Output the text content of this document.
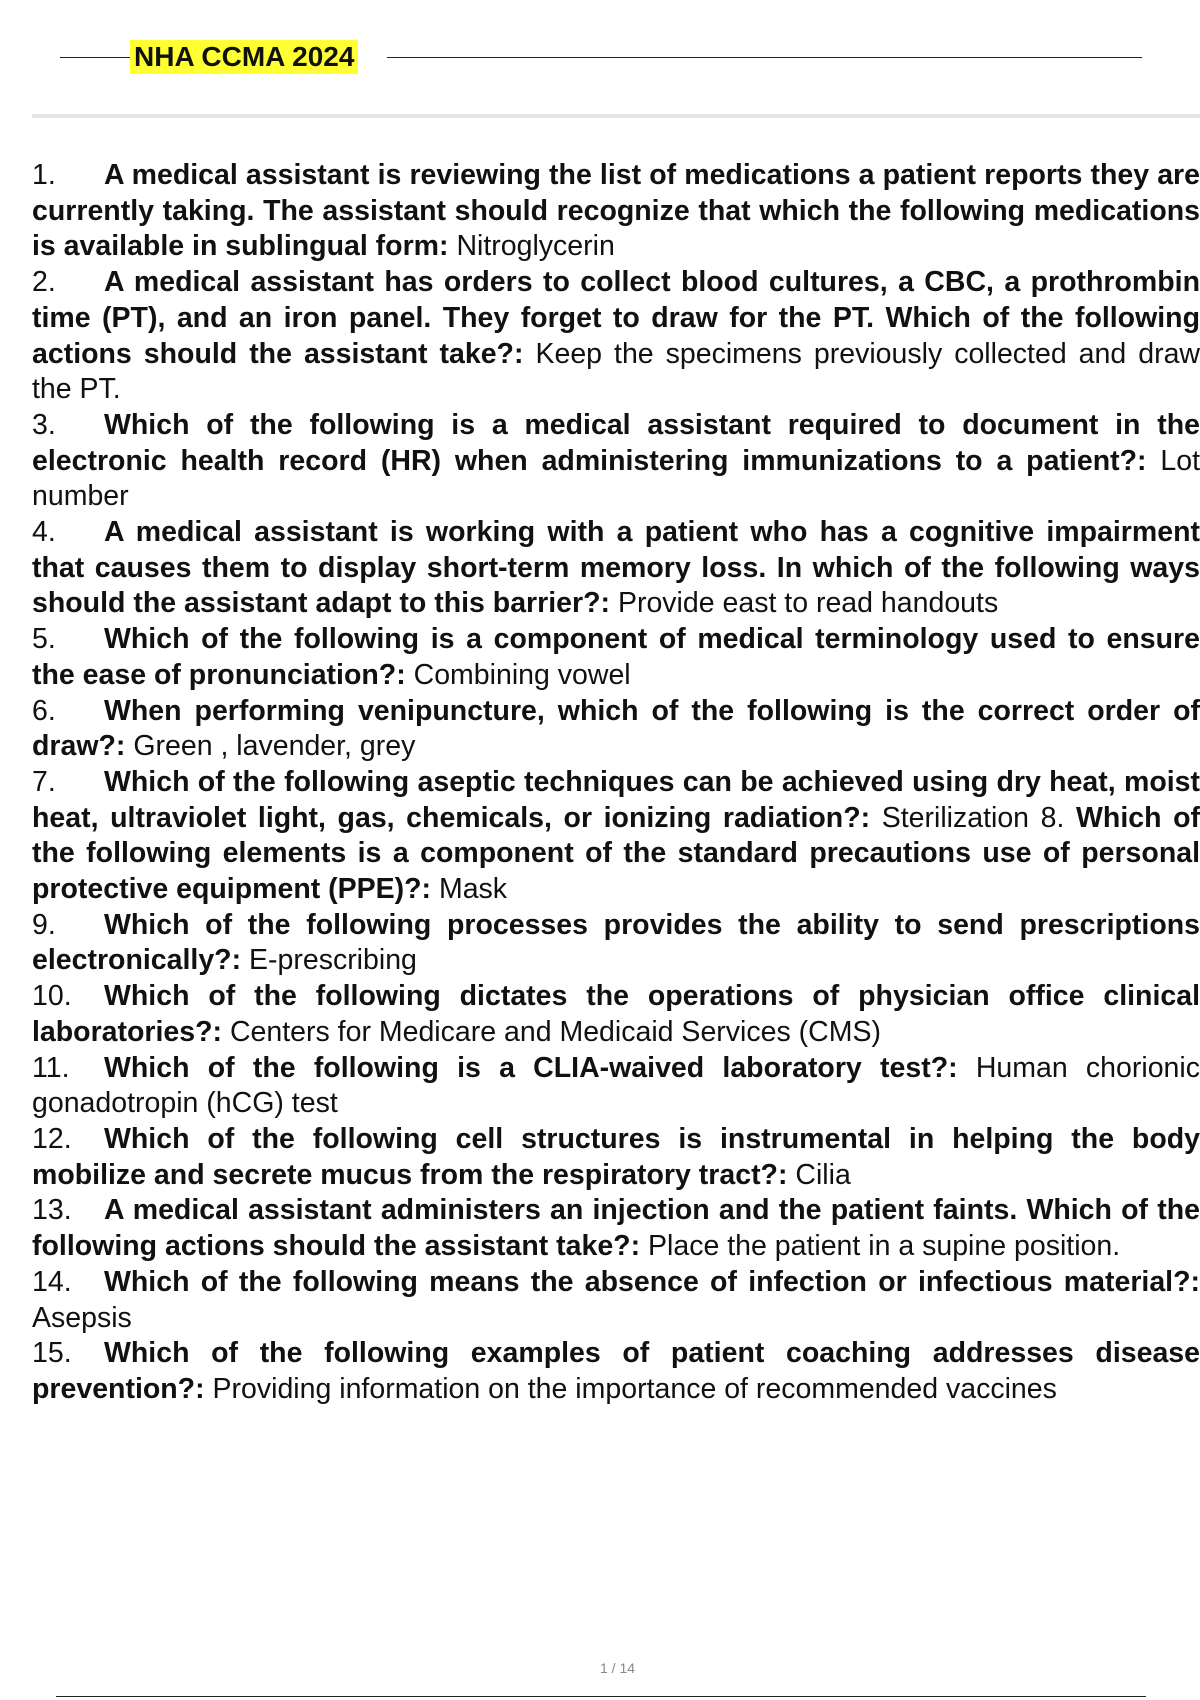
NHA CCMA 2024

1. A medical assistant is reviewing the list of medications a patient reports they are currently taking. The assistant should recognize that which the following medications is available in sublingual form: Nitroglycerin

2. A medical assistant has orders to collect blood cultures, a CBC, a prothrombin time (PT), and an iron panel. They forget to draw for the PT. Which of the following actions should the assistant take?: Keep the specimens previously collected and draw the PT.

3. Which of the following is a medical assistant required to document in the electronic health record (HR) when administering immunizations to a patient?: Lot number

4. A medical assistant is working with a patient who has a cognitive impairment that causes them to display short-term memory loss. In which of the following ways should the assistant adapt to this barrier?: Provide east to read handouts

5. Which of the following is a component of medical terminology used to ensure the ease of pronunciation?: Combining vowel

6. When performing venipuncture, which of the following is the correct order of draw?: Green , lavender, grey

7. Which of the following aseptic techniques can be achieved using dry heat, moist heat, ultraviolet light, gas, chemicals, or ionizing radiation?: Sterilization 8. Which of the following elements is a component of the standard precautions use of personal protective equipment (PPE)?: Mask

9. Which of the following processes provides the ability to send prescriptions electronically?: E-prescribing

10. Which of the following dictates the operations of physician office clinical laboratories?: Centers for Medicare and Medicaid Services (CMS)

11. Which of the following is a CLIA-waived laboratory test?: Human chorionic gonadotropin (hCG) test

12. Which of the following cell structures is instrumental in helping the body mobilize and secrete mucus from the respiratory tract?: Cilia

13. A medical assistant administers an injection and the patient faints. Which of the following actions should the assistant take?: Place the patient in a supine position.

14. Which of the following means the absence of infection or infectious material?: Asepsis

15. Which of the following examples of patient coaching addresses disease prevention?: Providing information on the importance of recommended vaccines

1 / 14
